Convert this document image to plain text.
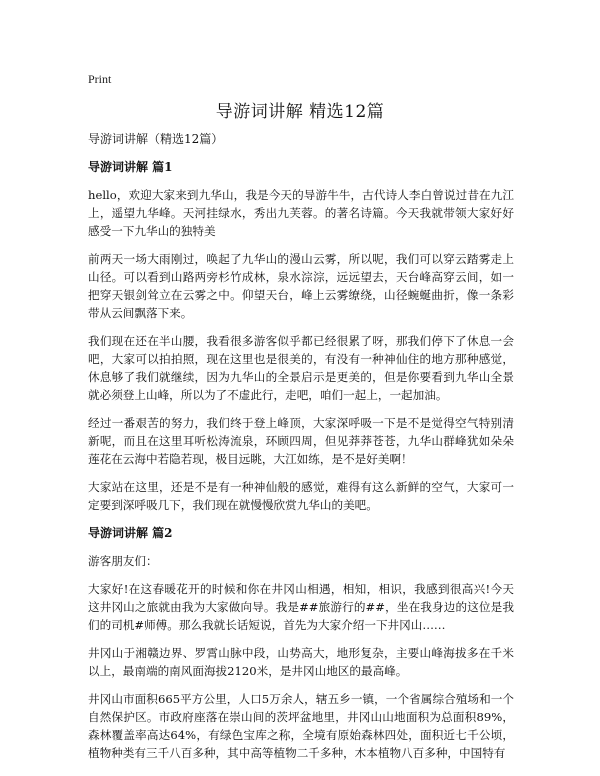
Print
导游词讲解 精选12篇
导游词讲解（精选12篇）
导游词讲解 篇1

hello，欢迎大家来到九华山，我是今天的导游牛牛，古代诗人李白曾说过昔在九江上，遥望九华峰。天河挂绿水，秀出九芙蓉。的著名诗篇。今天我就带领大家好好感受一下九华山的独特美

前两天一场大雨刚过，唤起了九华山的漫山云雾，所以呢，我们可以穿云踏雾走上山径。可以看到山路两旁杉竹成林，泉水淙淙，远远望去，天台峰高穿云间，如一把穿天银剑耸立在云雾之中。仰望天台，峰上云雾缭绕，山径蜿蜒曲折，像一条彩带从云间飘落下来。

我们现在还在半山腰，我看很多游客似乎都已经很累了呀，那我们停下了休息一会吧，大家可以拍拍照，现在这里也是很美的，有没有一种神仙住的地方那种感觉，休息够了我们就继续，因为九华山的全景启示是更美的，但是你要看到九华山全景就必须登上山峰，所以为了不虚此行，走吧，咱们一起上，一起加油。

经过一番艰苦的努力，我们终于登上峰顶，大家深呼吸一下是不是觉得空气特别清新呢，而且在这里耳听松涛流泉，环顾四周，但见莽莽苍苍，九华山群峰犹如朵朵莲花在云海中若隐若现，极目远眺，大江如练，是不是好美啊！

大家站在这里，还是不是有一种神仙般的感觉，难得有这么新鲜的空气，大家可一定要到深呼吸几下，我们现在就慢慢欣赏九华山的美吧。

导游词讲解 篇2

游客朋友们：

大家好!在这春暖花开的时候和你在井冈山相遇，相知，相识，我感到很高兴!今天这井冈山之旅就由我为大家做向导。我是##旅游行的##，坐在我身边的这位是我们的司机#师傅。那么我就长话短说，首先为大家介绍一下井冈山……

井冈山于湘赣边界、罗霄山脉中段，山势高大，地形复杂，主要山峰海拔多在千米以上，最南端的南风面海拔2120米，是井冈山地区的最高峰。

井冈山市面积665平方公里，人口5万余人，辖五乡一镇，一个省属综合殖场和一个自然保护区。市政府座落在崇山间的茨坪盆地里，井冈山山地面积为总面积89%，森林覆盖率高达64%，有绿色宝库之称，全境有原始森林四处，面积近七千公顷，植物种类有三千八百多种，其中高等植物二千多种，木本植物八百多种，中国特有
